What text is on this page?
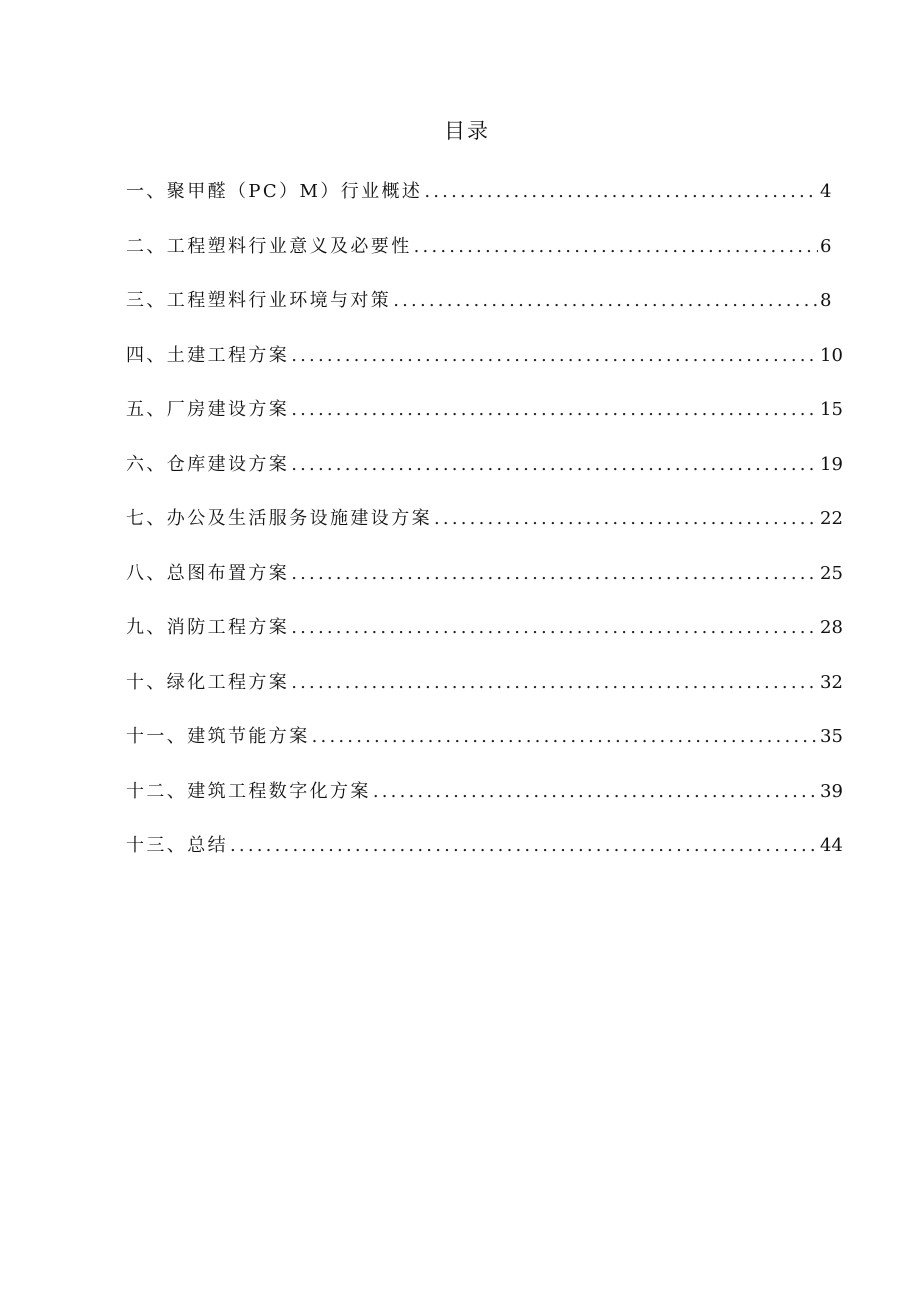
目录
一、聚甲醛（PC）M）行业概述 .....	4
二、工程塑料行业意义及必要性 .....	6
三、工程塑料行业环境与对策 .....	8
四、土建工程方案 .....	10
五、厂房建设方案 .....	15
六、仓库建设方案 .....	19
七、办公及生活服务设施建设方案 .....	22
八、总图布置方案 .....	25
九、消防工程方案 .....	28
十、绿化工程方案 .....	32
十一、建筑节能方案 .....	35
十二、建筑工程数字化方案 .....	39
十三、总结 .....	44
